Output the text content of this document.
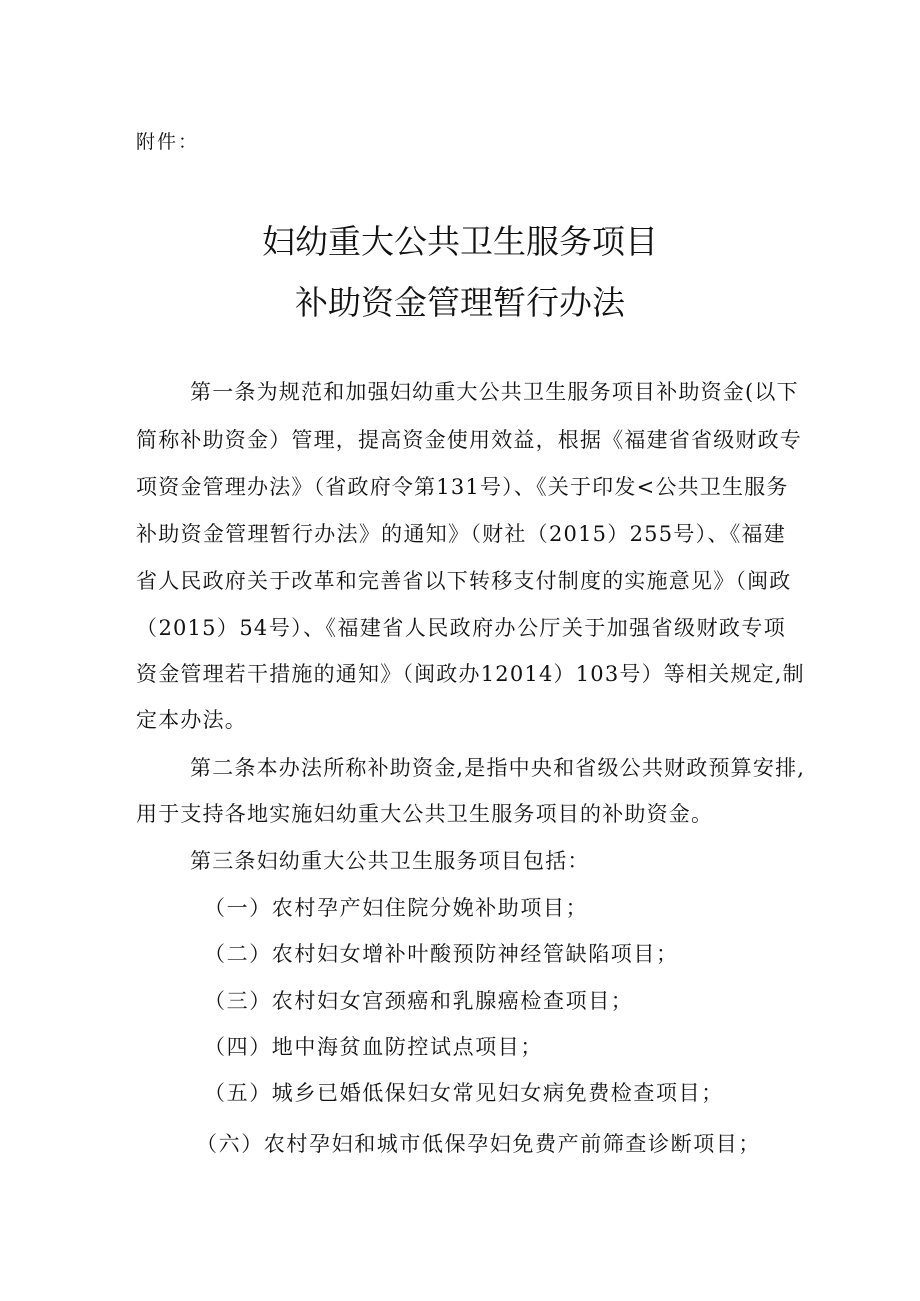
附件：

妇幼重大公共卫生服务项目
补助资金管理暂行办法

第一条为规范和加强妇幼重大公共卫生服务项目补助资金(以下

简称补助资金）管理，提高资金使用效益，根据《福建省省级财政专

项资金管理办法》（省政府令第131号）、《关于印发<公共卫生服务

补助资金管理暂行办法》的通知》（财社（2015）255号）、《福建

省人民政府关于改革和完善省以下转移支付制度的实施意见》（闽政

（2015）54号）、《福建省人民政府办公厅关于加强省级财政专项

资金管理若干措施的通知》（闽政办12014）103号）等相关规定,制

定本办法。

第二条本办法所称补助资金,是指中央和省级公共财政预算安排,

用于支持各地实施妇幼重大公共卫生服务项目的补助资金。

第三条妇幼重大公共卫生服务项目包括：

（一）农村孕产妇住院分娩补助项目；

（二）农村妇女增补叶酸预防神经管缺陷项目；

（三）农村妇女宫颈癌和乳腺癌检查项目；

（四）地中海贫血防控试点项目；

（五）城乡已婚低保妇女常见妇女病免费检查项目；

（六）农村孕妇和城市低保孕妇免费产前筛查诊断项目；
